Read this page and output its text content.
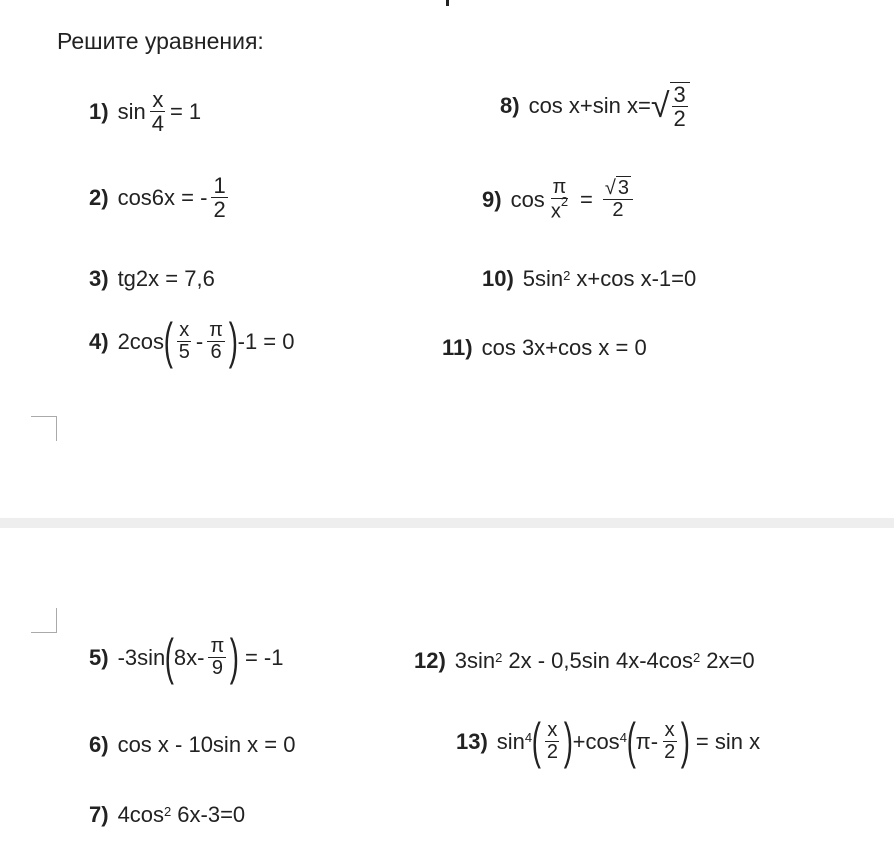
Решите уравнения:
1) $\sin \frac{x}{4} = 1$
2) cos6x = - $\frac{1}{2}$
3) tg2x = 7,6
4) 2cos ( $\frac{x}{5} - \frac{\pi}{6}$ ) -1 = 0
8) cos x+sin x= √ $\frac{3}{2}$
9) $\cos \frac{\pi}{x^2} = \frac{√ 3}{2}$
10) $5\sin^2$ x+cos x-1=0
11) cos 3x+cos x = 0
5) -3sin ( $8x- \frac{\pi}{9}$ ) = -1
6) cos x - 10sin x = 0
7) $4\cos^2$ 6x-3=0
12) $3\sin^2$ 2x - 0,5sin $4x-4\cos^2$ 2x=0
13) $\sin^4$ ( $\frac{x}{2}$ ) $+\cos^4$ ( $\pi- \frac{x}{2}$ ) = sin x
